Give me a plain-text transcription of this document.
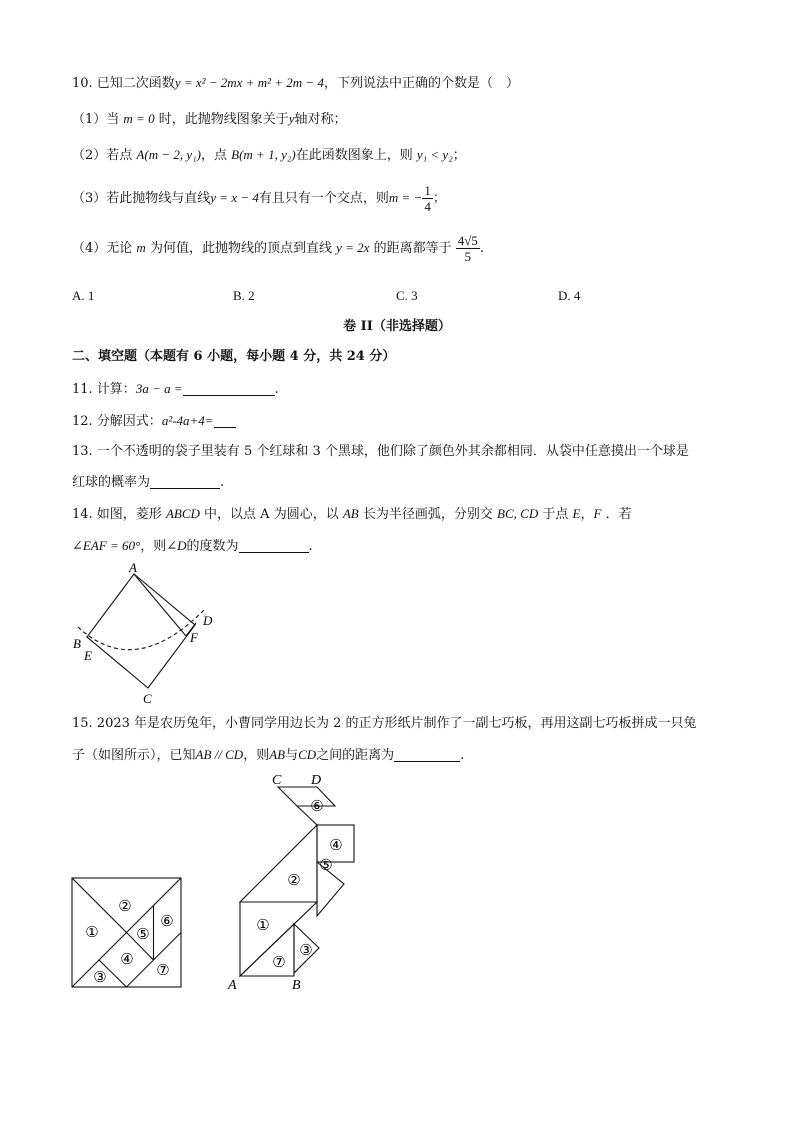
10. 已知二次函数y = x² − 2mx + m² + 2m − 4，下列说法中正确的个数是（　）
（1）当 m = 0 时，此抛物线图象关于y轴对称；
（2）若点 A(m − 2, y₁)，点 B(m + 1, y₂)在此函数图象上，则 y₁ < y₂；
（3）若此抛物线与直线y = x − 4有且只有一个交点，则m = − $\frac{1}{4}$ ；
（4）无论 m 为何值，此抛物线的顶点到直线 y = 2x 的距离都等于 $\frac{4√5}{5}$ .
A. 1	B. 2	C. 3	D. 4
卷 II（非选择题）
二、填空题（本题有 6 小题，每小题 4 分，共 24 分）
11. 计算：3a − a =	.
12. 分解因式：a²-4a+4=
13. 一个不透明的袋子里装有 5 个红球和 3 个黑球，他们除了颜色外其余都相同．从袋中任意摸出一个球是
红球的概率为	.
14. 如图，菱形 ABCD 中，以点 A 为圆心，以 AB 长为半径画弧，分别交 BC, CD 于点 E，F ．若
∠EAF = 60°，则∠D的度数为	.
A
B
E
C
D
F
15. 2023 年是农历兔年，小曹同学用边长为 2 的正方形纸片制作了一副七巧板，再用这副七巧板拼成一只兔
子（如图所示），已知AB // CD，则AB与CD之间的距离为	.
①
②
③
④
⑤
⑥
⑦
①
②
③
④
⑤
⑥
⑦
A	B
C D
